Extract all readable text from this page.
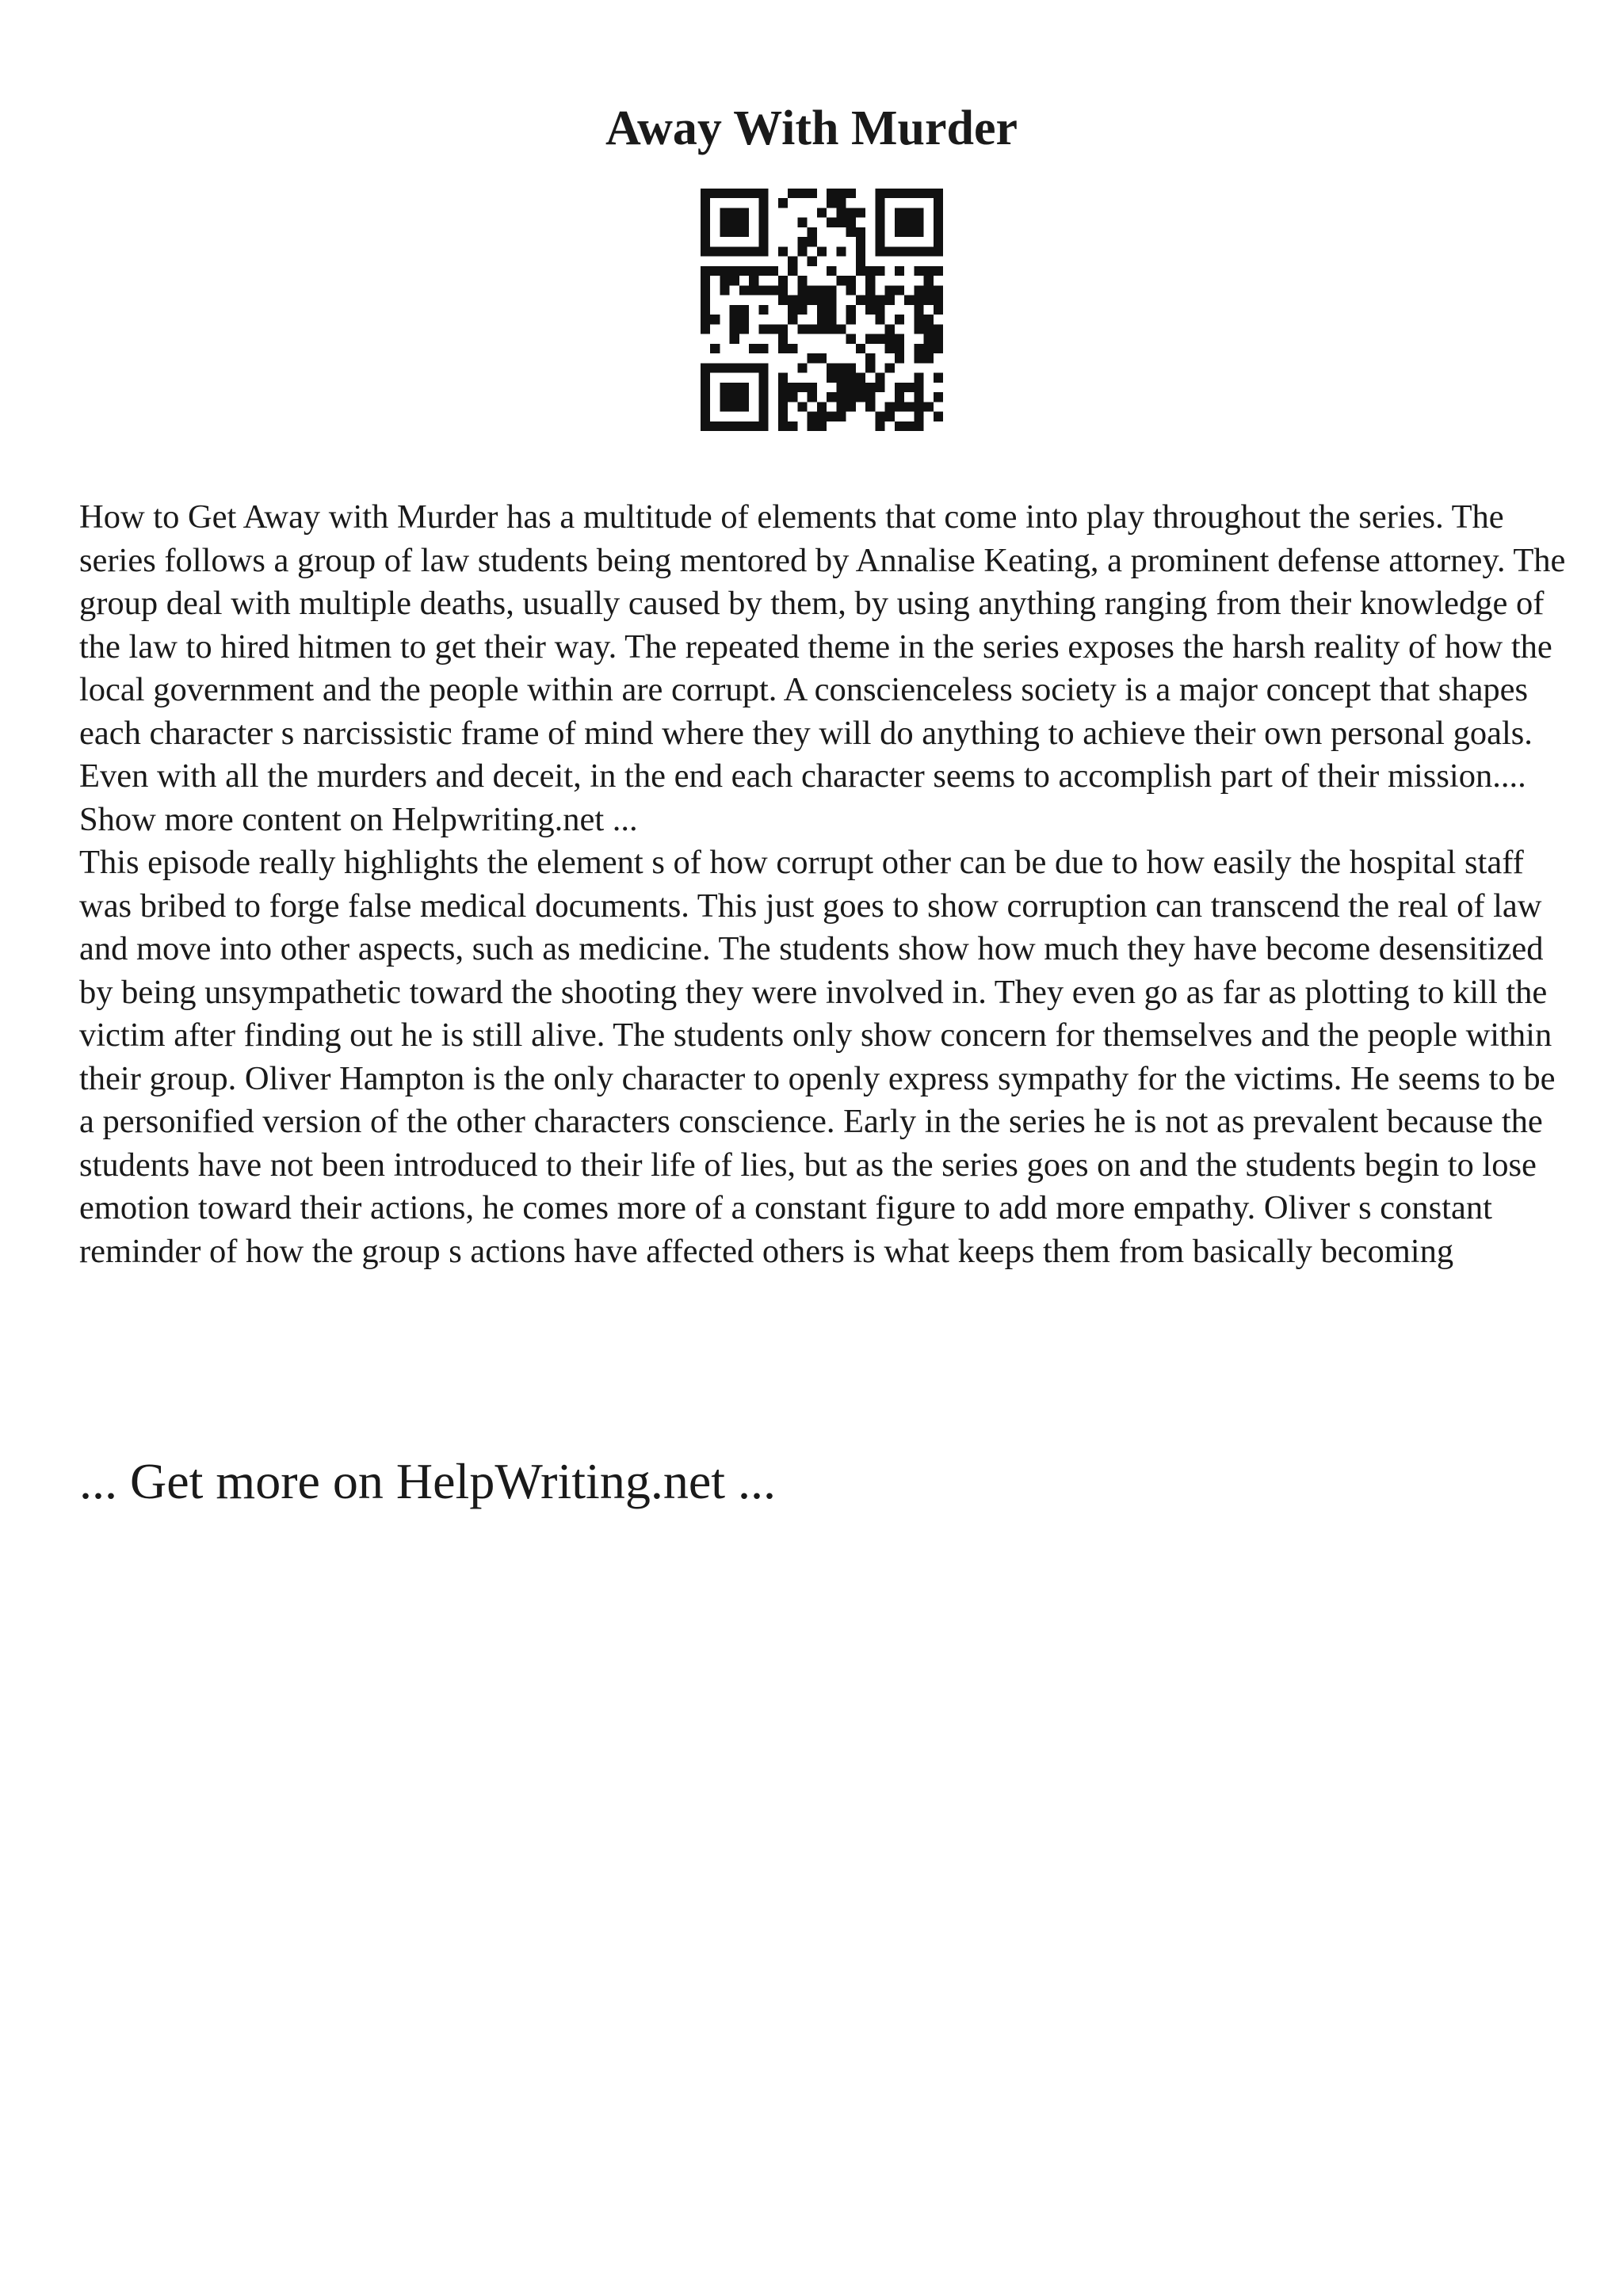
Away With Murder

How to Get Away with Murder has a multitude of elements that come into play throughout the series. The series follows a group of law students being mentored by Annalise Keating, a prominent defense attorney. The group deal with multiple deaths, usually caused by them, by using anything ranging from their knowledge of the law to hired hitmen to get their way. The repeated theme in the series exposes the harsh reality of how the local government and the people within are corrupt. A conscienceless society is a major concept that shapes each character s narcissistic frame of mind where they will do anything to achieve their own personal goals. Even with all the murders and deceit, in the end each character seems to accomplish part of their mission.... Show more content on Helpwriting.net ...

This episode really highlights the element s of how corrupt other can be due to how easily the hospital staff was bribed to forge false medical documents. This just goes to show corruption can transcend the real of law and move into other aspects, such as medicine. The students show how much they have become desensitized by being unsympathetic toward the shooting they were involved in. They even go as far as plotting to kill the victim after finding out he is still alive. The students only show concern for themselves and the people within their group. Oliver Hampton is the only character to openly express sympathy for the victims. He seems to be a personified version of the other characters conscience. Early in the series he is not as prevalent because the students have not been introduced to their life of lies, but as the series goes on and the students begin to lose emotion toward their actions, he comes more of a constant figure to add more empathy. Oliver s constant reminder of how the group s actions have affected others is what keeps them from basically becoming

... Get more on HelpWriting.net ...
